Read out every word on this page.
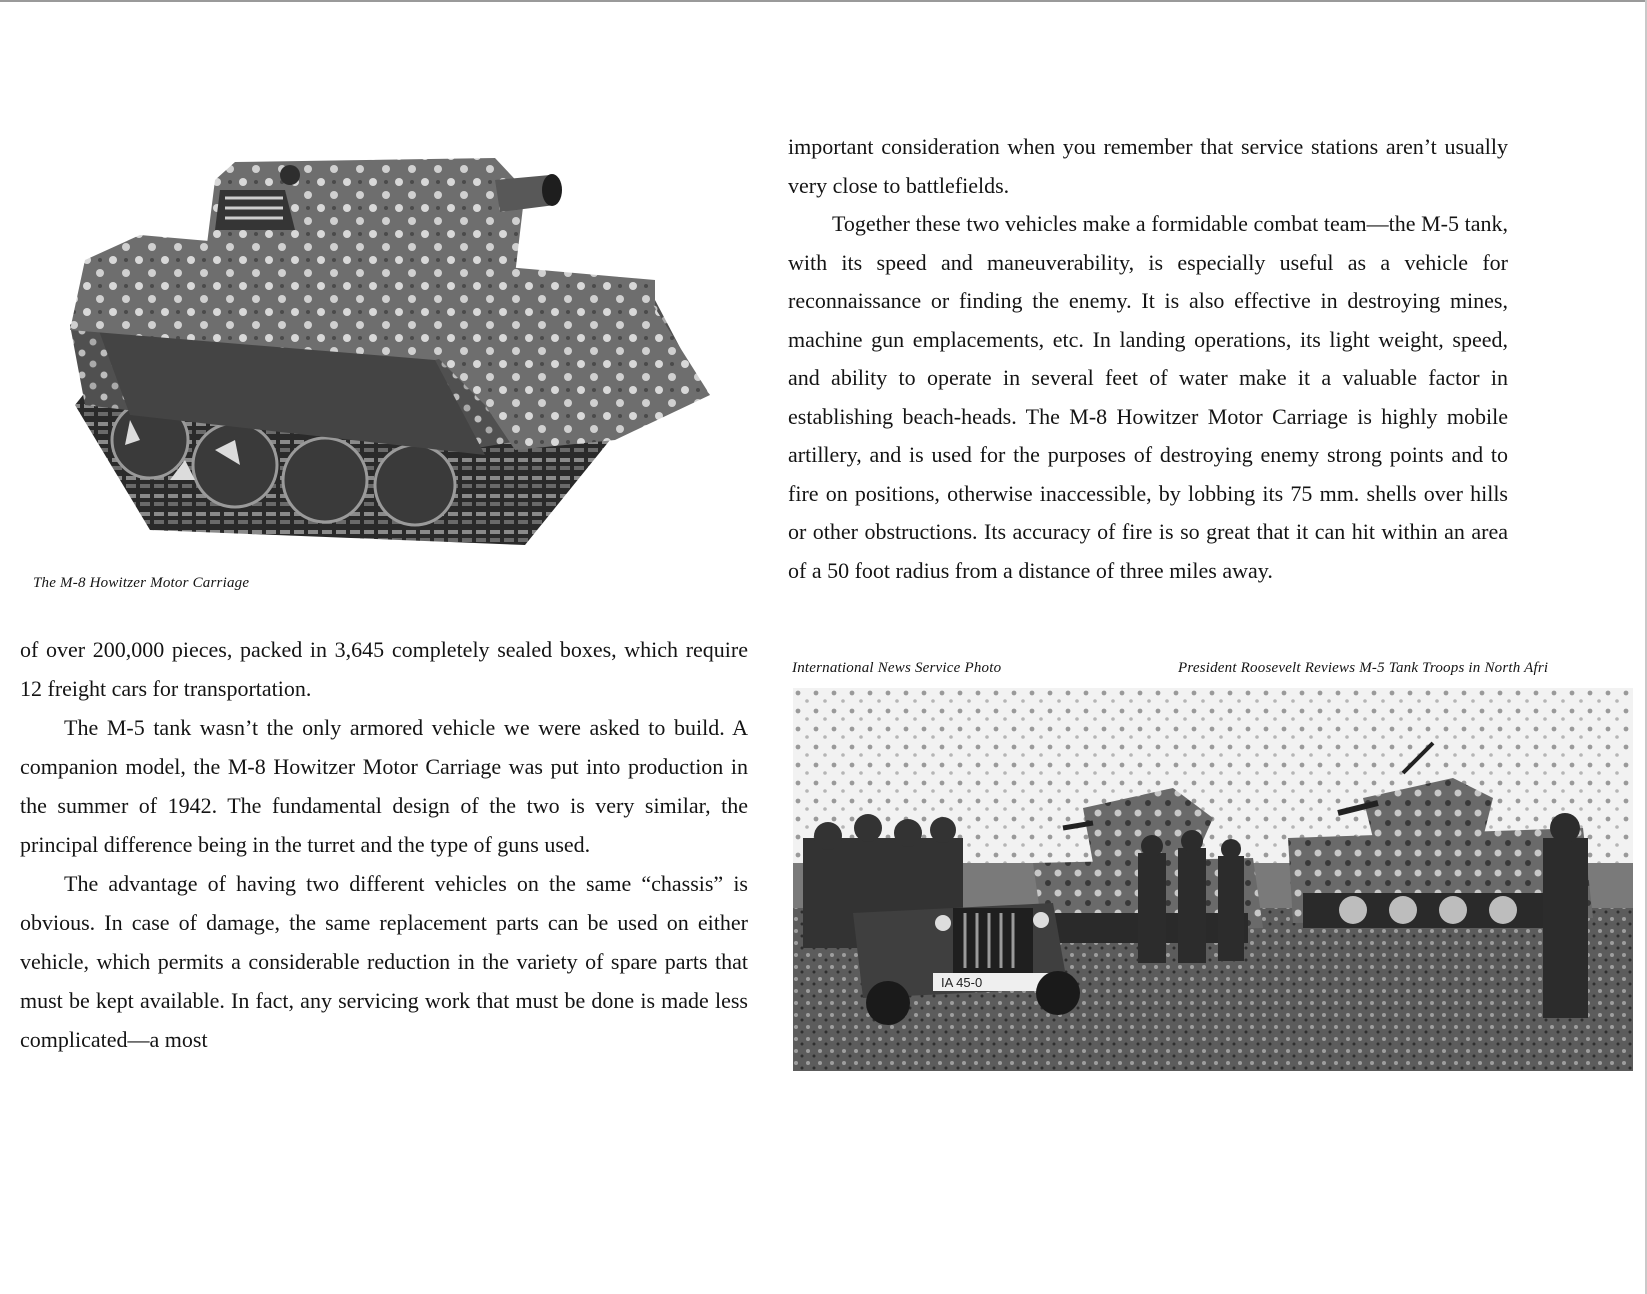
The M-8 Howitzer Motor Carriage

of over 200,000 pieces, packed in 3,645 completely sealed boxes, which require 12 freight cars for transportation.

The M-5 tank wasn’t the only armored vehicle we were asked to build. A companion model, the M-8 Howitzer Motor Carriage was put into production in the summer of 1942. The fundamental design of the two is very similar, the principal difference being in the turret and the type of guns used.

The advantage of having two different vehicles on the same “chassis” is obvious. In case of damage, the same replacement parts can be used on either vehicle, which permits a considerable reduction in the variety of spare parts that must be kept available. In fact, any servicing work that must be done is made less complicated—a most

important consideration when you remember that service stations aren’t usually very close to battlefields.

Together these two vehicles make a formidable combat team—the M-5 tank, with its speed and maneuverability, is especially useful as a vehicle for reconnaissance or finding the enemy. It is also effective in destroying mines, machine gun emplacements, etc. In landing operations, its light weight, speed, and ability to operate in several feet of water make it a valuable factor in establishing beach-heads. The M-8 Howitzer Motor Carriage is highly mobile artillery, and is used for the purposes of destroying enemy strong points and to fire on positions, otherwise inaccessible, by lobbing its 75 mm. shells over hills or other obstructions. Its accuracy of fire is so great that it can hit within an area of a 50 foot radius from a distance of three miles away.

International News Service Photo	President Roosevelt Reviews M-5 Tank Troops in North Afri
IA 45-0
